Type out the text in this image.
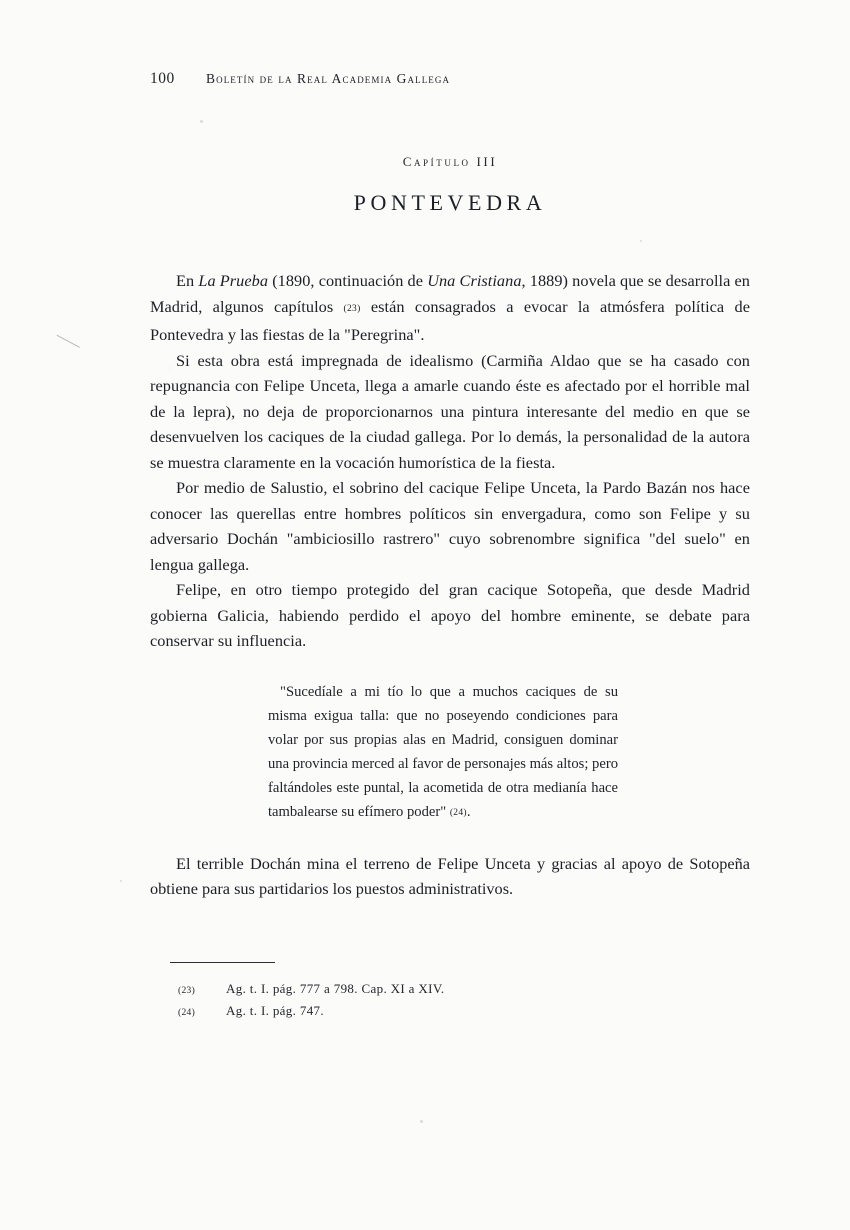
100	Boletín de la Real Academia Gallega
Capítulo III
PONTEVEDRA

En La Prueba (1890, continuación de Una Cristiana, 1889) novela que se desarrolla en Madrid, algunos capítulos (23) están consagrados a evocar la atmósfera política de Pontevedra y las fiestas de la "Peregrina".

Si esta obra está impregnada de idealismo (Carmiña Aldao que se ha casado con repugnancia con Felipe Unceta, llega a amarle cuando éste es afectado por el horrible mal de la lepra), no deja de proporcionarnos una pintura interesante del medio en que se desenvuelven los caciques de la ciudad gallega. Por lo demás, la personalidad de la autora se muestra claramente en la vocación humorística de la fiesta.

Por medio de Salustio, el sobrino del cacique Felipe Unceta, la Pardo Bazán nos hace conocer las querellas entre hombres políticos sin envergadura, como son Felipe y su adversario Dochán "ambiciosillo rastrero" cuyo sobrenombre significa "del suelo" en lengua gallega.

Felipe, en otro tiempo protegido del gran cacique Sotopeña, que desde Madrid gobierna Galicia, habiendo perdido el apoyo del hombre eminente, se debate para conservar su influencia.

"Sucedíale a mi tío lo que a muchos caciques de su misma exigua talla: que no poseyendo condiciones para volar por sus propias alas en Madrid, consiguen dominar una provincia merced al favor de personajes más altos; pero faltándoles este puntal, la acometida de otra medianía hace tambalearse su efímero poder" (24).

El terrible Dochán mina el terreno de Felipe Unceta y gracias al apoyo de Sotopeña obtiene para sus partidarios los puestos administrativos.

(23)	Ag. t. I. pág. 777 a 798. Cap. XI a XIV.
(24)	Ag. t. I. pág. 747.
